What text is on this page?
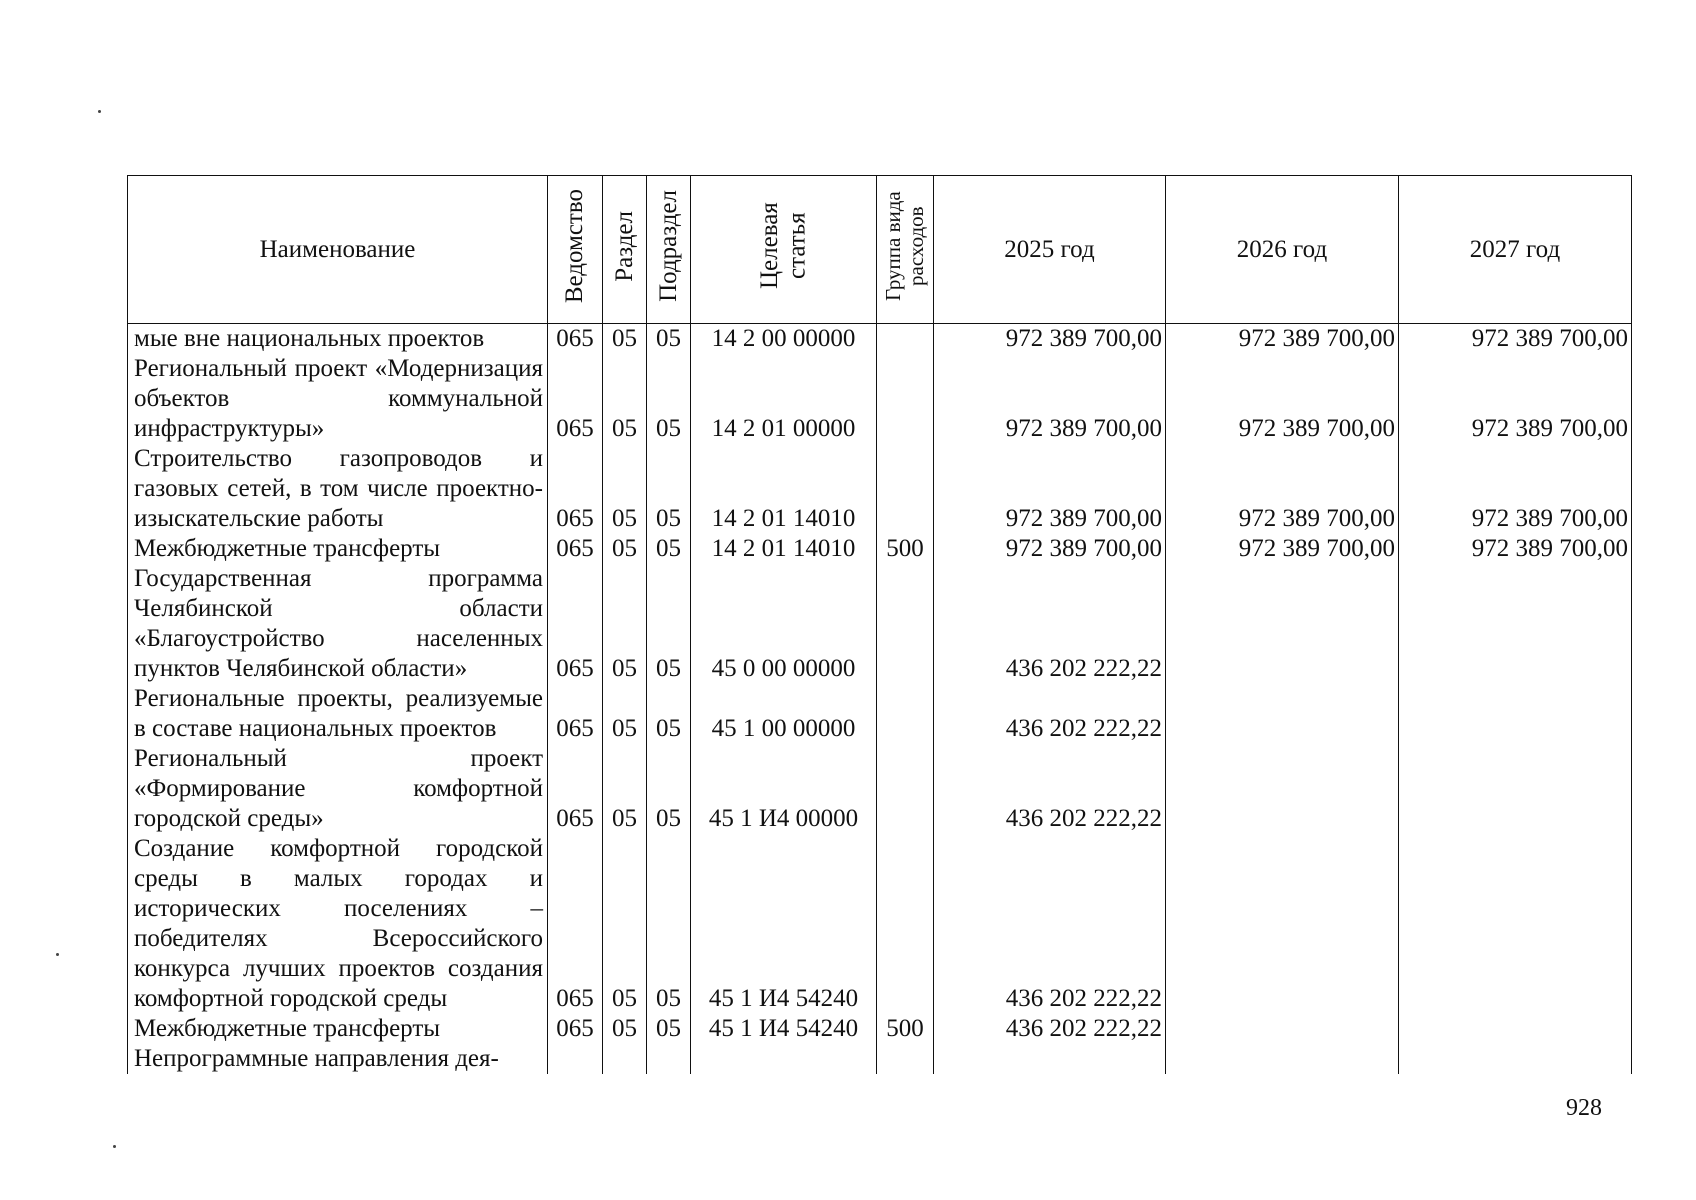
Наименование	Ведомство	Раздел	Подраздел	Целевая статья	Группа вида расходов	2025 год	2026 год	2027 год
мые вне национальных проектов	065	05	05	14 2 00 00000		972 389 700,00	972 389 700,00	972 389 700,00
Региональный проект «Модернизация объектов коммунальной инфраструктуры»	065	05	05	14 2 01 00000		972 389 700,00	972 389 700,00	972 389 700,00
Строительство газопроводов и газовых сетей, в том числе проектно-изыскательские работы	065	05	05	14 2 01 14010		972 389 700,00	972 389 700,00	972 389 700,00
Межбюджетные трансферты	065	05	05	14 2 01 14010	500	972 389 700,00	972 389 700,00	972 389 700,00
Государственная программа Челябинской области «Благоустройство населенных пунктов Челябинской области»	065	05	05	45 0 00 00000		436 202 222,22		
Региональные проекты, реализуемые в составе национальных проектов	065	05	05	45 1 00 00000		436 202 222,22		
Региональный проект «Формирование комфортной городской среды»	065	05	05	45 1 И4 00000		436 202 222,22		
Создание комфортной городской среды в малых городах и исторических поселениях – победителях Всероссийского конкурса лучших проектов создания комфортной городской среды	065	05	05	45 1 И4 54240		436 202 222,22		
Межбюджетные трансферты	065	05	05	45 1 И4 54240	500	436 202 222,22		
Непрограммные направления дея-								
928
